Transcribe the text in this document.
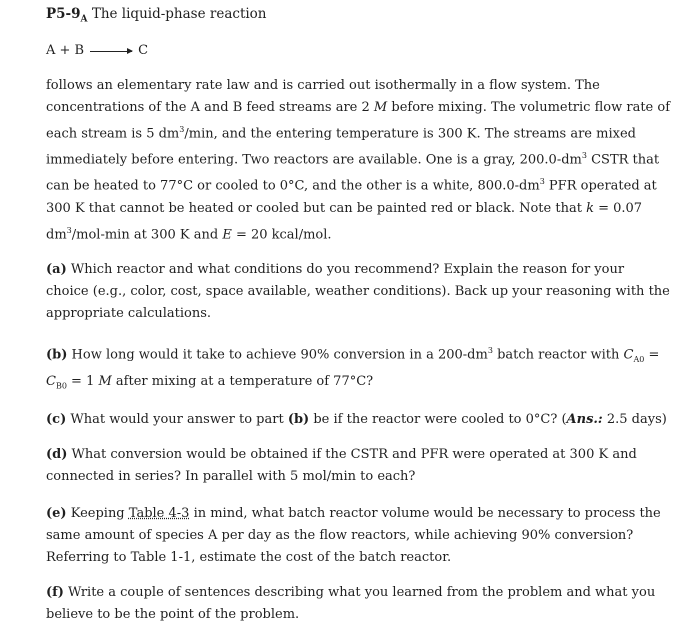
$P5-9_A$ The liquid-phase reaction
A + B → C

follows an elementary rate law and is carried out isothermally in a flow system. The concentrations of the A and B feed streams are 2 M before mixing. The volumetric flow rate of each stream is 5 $dm^3/\min$, and the entering temperature is 300 K. The streams are mixed immediately before entering. Two reactors are available. One is a gray, $200.0-dm^3$ CSTR that can be heated to 77°C or cooled to 0°C, and the other is a white, $800.0-dm^3$ PFR operated at 300 K that cannot be heated or cooled but can be painted red or black. Note that k = 0.07 $dm^3/mol-\min$ at 300 K and E = 20 kcal/mol.

(a) Which reactor and what conditions do you recommend? Explain the reason for your choice (e.g., color, cost, space available, weather conditions). Back up your reasoning with the appropriate calculations.

(b) How long would it take to achieve 90% conversion in a $200-dm^3$ batch reactor with $C_{A0} = C_{B0} = 1$ M after mixing at a temperature of 77°C?

(c) What would your answer to part (b) be if the reactor were cooled to 0°C? (Ans.: 2.5 days)

(d) What conversion would be obtained if the CSTR and PFR were operated at 300 K and connected in series? In parallel with 5 mol/min to each?

(e) Keeping Table 4-3 in mind, what batch reactor volume would be necessary to process the same amount of species A per day as the flow reactors, while achieving 90% conversion? Referring to Table 1-1, estimate the cost of the batch reactor.

(f) Write a couple of sentences describing what you learned from the problem and what you believe to be the point of the problem.
